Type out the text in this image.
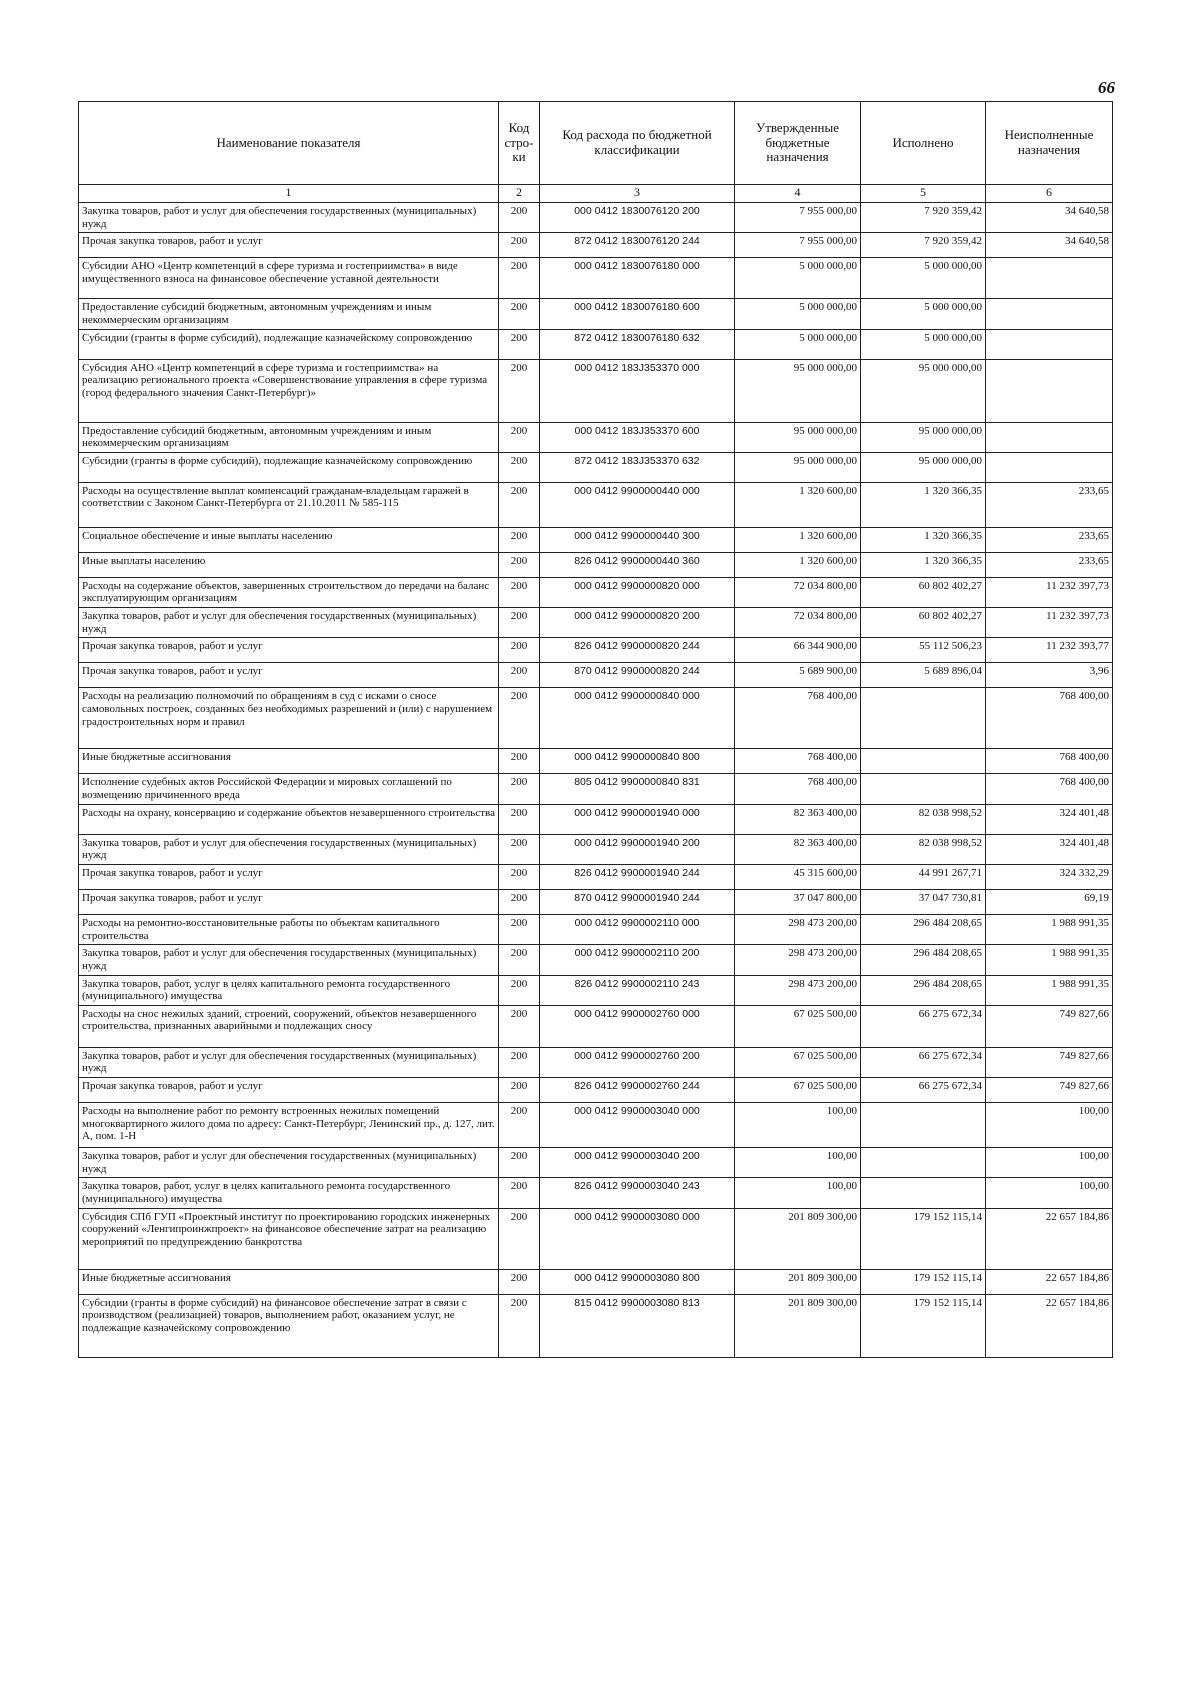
66
Наименование показателя	Код стро-ки	Код расхода по бюджетной классификации	Утвержденные бюджетные назначения	Исполнено	Неисполненные назначения
1	2	3	4	5	6
Закупка товаров, работ и услуг для обеспечения государственных (муниципальных) нужд	200	000 0412 1830076120 200	7 955 000,00	7 920 359,42	34 640,58
Прочая закупка товаров, работ и услуг	200	872 0412 1830076120 244	7 955 000,00	7 920 359,42	34 640,58
Субсидии АНО «Центр компетенций в сфере туризма и гостеприимства» в виде имущественного взноса на финансовое обеспечение уставной деятельности	200	000 0412 1830076180 000	5 000 000,00	5 000 000,00	
Предоставление субсидий бюджетным, автономным учреждениям и иным некоммерческим организациям	200	000 0412 1830076180 600	5 000 000,00	5 000 000,00	
Субсидии (гранты в форме субсидий), подлежащие казначейскому сопровождению	200	872 0412 1830076180 632	5 000 000,00	5 000 000,00	
Субсидия АНО «Центр компетенций в сфере туризма и гостеприимства» на реализацию регионального проекта «Совершенствование управления в сфере туризма (город федерального значения Санкт-Петербург)»	200	000 0412 183J353370 000	95 000 000,00	95 000 000,00	
Предоставление субсидий бюджетным, автономным учреждениям и иным некоммерческим организациям	200	000 0412 183J353370 600	95 000 000,00	95 000 000,00	
Субсидии (гранты в форме субсидий), подлежащие казначейскому сопровождению	200	872 0412 183J353370 632	95 000 000,00	95 000 000,00	
Расходы на осуществление выплат компенсаций гражданам-владельцам гаражей в соответствии с Законом Санкт-Петербурга от 21.10.2011 № 585-115	200	000 0412 9900000440 000	1 320 600,00	1 320 366,35	233,65
Социальное обеспечение и иные выплаты населению	200	000 0412 9900000440 300	1 320 600,00	1 320 366,35	233,65
Иные выплаты населению	200	826 0412 9900000440 360	1 320 600,00	1 320 366,35	233,65
Расходы на содержание объектов, завершенных строительством до передачи на баланс эксплуатирующим организациям	200	000 0412 9900000820 000	72 034 800,00	60 802 402,27	11 232 397,73
Закупка товаров, работ и услуг для обеспечения государственных (муниципальных) нужд	200	000 0412 9900000820 200	72 034 800,00	60 802 402,27	11 232 397,73
Прочая закупка товаров, работ и услуг	200	826 0412 9900000820 244	66 344 900,00	55 112 506,23	11 232 393,77
Прочая закупка товаров, работ и услуг	200	870 0412 9900000820 244	5 689 900,00	5 689 896,04	3,96
Расходы на реализацию полномочий по обращениям в суд с исками о сносе самовольных построек, созданных без необходимых разрешений и (или) с нарушением градостроительных норм и правил	200	000 0412 9900000840 000	768 400,00		768 400,00
Иные бюджетные ассигнования	200	000 0412 9900000840 800	768 400,00		768 400,00
Исполнение судебных актов Российской Федерации и мировых соглашений по возмещению причиненного вреда	200	805 0412 9900000840 831	768 400,00		768 400,00
Расходы на охрану, консервацию и содержание объектов незавершенного строительства	200	000 0412 9900001940 000	82 363 400,00	82 038 998,52	324 401,48
Закупка товаров, работ и услуг для обеспечения государственных (муниципальных) нужд	200	000 0412 9900001940 200	82 363 400,00	82 038 998,52	324 401,48
Прочая закупка товаров, работ и услуг	200	826 0412 9900001940 244	45 315 600,00	44 991 267,71	324 332,29
Прочая закупка товаров, работ и услуг	200	870 0412 9900001940 244	37 047 800,00	37 047 730,81	69,19
Расходы на ремонтно-восстановительные работы по объектам капитального строительства	200	000 0412 9900002110 000	298 473 200,00	296 484 208,65	1 988 991,35
Закупка товаров, работ и услуг для обеспечения государственных (муниципальных) нужд	200	000 0412 9900002110 200	298 473 200,00	296 484 208,65	1 988 991,35
Закупка товаров, работ, услуг в целях капитального ремонта государственного (муниципального) имущества	200	826 0412 9900002110 243	298 473 200,00	296 484 208,65	1 988 991,35
Расходы на снос нежилых зданий, строений, сооружений, объектов незавершенного строительства, признанных аварийными и подлежащих сносу	200	000 0412 9900002760 000	67 025 500,00	66 275 672,34	749 827,66
Закупка товаров, работ и услуг для обеспечения государственных (муниципальных) нужд	200	000 0412 9900002760 200	67 025 500,00	66 275 672,34	749 827,66
Прочая закупка товаров, работ и услуг	200	826 0412 9900002760 244	67 025 500,00	66 275 672,34	749 827,66
Расходы на выполнение работ по ремонту встроенных нежилых помещений многоквартирного жилого дома по адресу: Санкт-Петербург, Ленинский пр., д. 127, лит. А, пом. 1-Н	200	000 0412 9900003040 000	100,00		100,00
Закупка товаров, работ и услуг для обеспечения государственных (муниципальных) нужд	200	000 0412 9900003040 200	100,00		100,00
Закупка товаров, работ, услуг в целях капитального ремонта государственного (муниципального) имущества	200	826 0412 9900003040 243	100,00		100,00
Субсидия СПб ГУП «Проектный институт по проектированию городских инженерных сооружений «Ленгипроинжпроект» на финансовое обеспечение затрат на реализацию мероприятий по предупреждению банкротства	200	000 0412 9900003080 000	201 809 300,00	179 152 115,14	22 657 184,86
Иные бюджетные ассигнования	200	000 0412 9900003080 800	201 809 300,00	179 152 115,14	22 657 184,86
Субсидии (гранты в форме субсидий) на финансовое обеспечение затрат в связи с производством (реализацией) товаров, выполнением работ, оказанием услуг, не подлежащие казначейскому сопровождению	200	815 0412 9900003080 813	201 809 300,00	179 152 115,14	22 657 184,86
